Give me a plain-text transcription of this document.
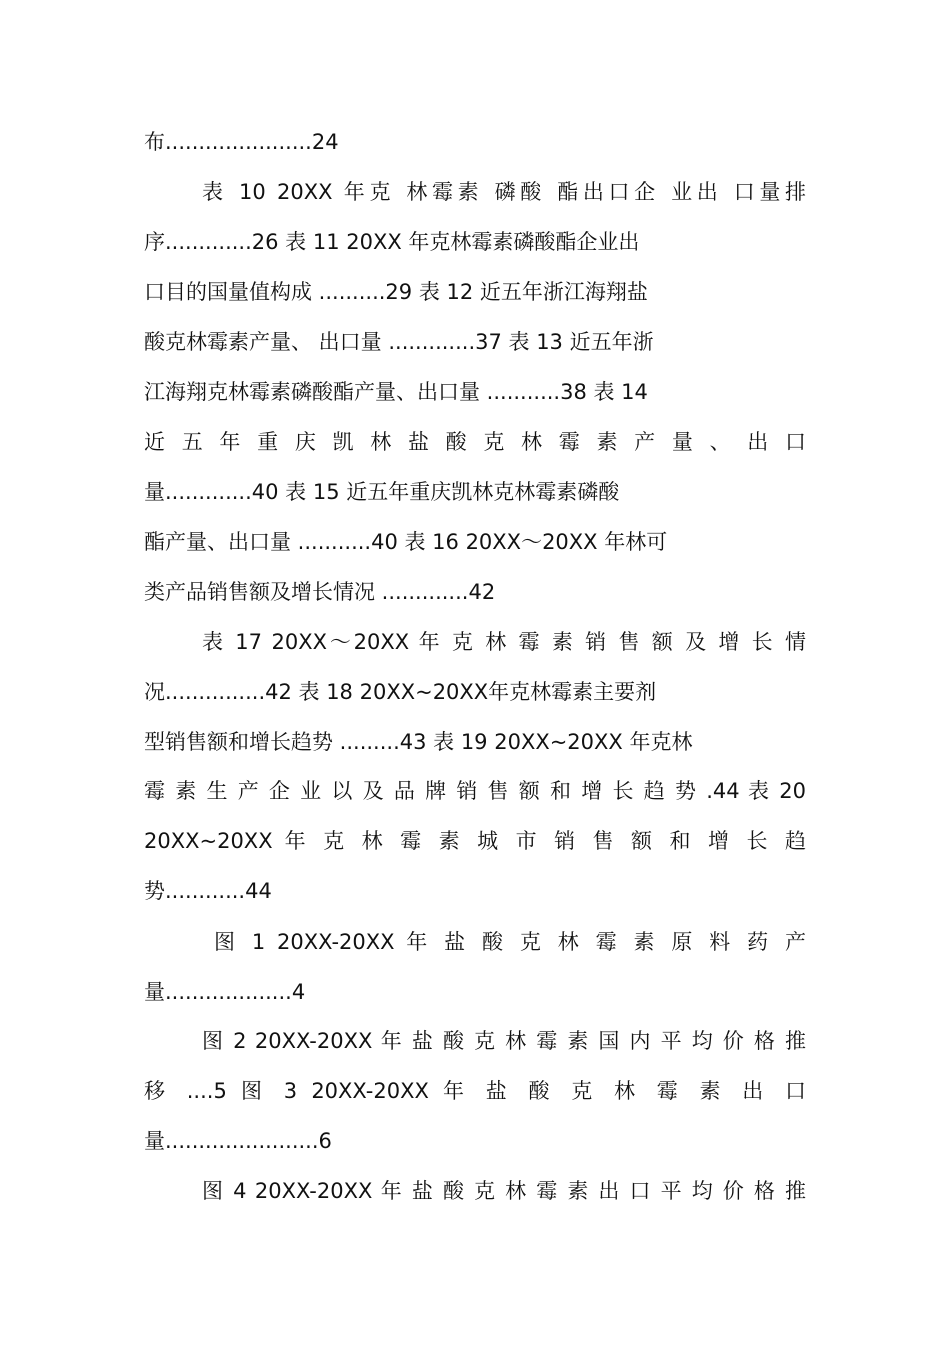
布......................24
表 10 20XX 年克 林霉素 磷酸 酯出口企 业出 口量排
序.............26 表 11 20XX 年克林霉素磷酸酯企业出
口目的国量值构成 ..........29 表 12 近五年浙江海翔盐
酸克林霉素产量、 出口量 .............37 表 13 近五年浙
江海翔克林霉素磷酸酯产量、出口量 ...........38 表 14
近 五 年 重 庆 凯 林 盐 酸 克 林 霉 素 产 量 、 出 口
量.............40 表 15 近五年重庆凯林克林霉素磷酸
酯产量、出口量 ...........40 表 16 20XX～20XX 年林可
类产品销售额及增长情况 .............42
表 17 20XX～20XX 年 克 林 霉 素 销 售 额 及 增 长 情
况...............42 表 18 20XX~20XX年克林霉素主要剂
型销售额和增长趋势 .........43 表 19 20XX~20XX 年克林
霉 素 生 产 企 业 以 及 品 牌 销 售 额 和 增 长 趋 势 .44 表 20
20XX~20XX 年 克 林 霉 素 城 市 销 售 额 和 增 长 趋
势............44
图 1 20XX-20XX 年 盐 酸 克 林 霉 素 原 料 药 产
量...................4
图 2 20XX-20XX 年 盐 酸 克 林 霉 素 国 内 平 均 价 格 推
移 ....5 图 3 20XX-20XX 年 盐 酸 克 林 霉 素 出 口
量.......................6
图 4 20XX-20XX 年 盐 酸 克 林 霉 素 出 口 平 均 价 格 推
